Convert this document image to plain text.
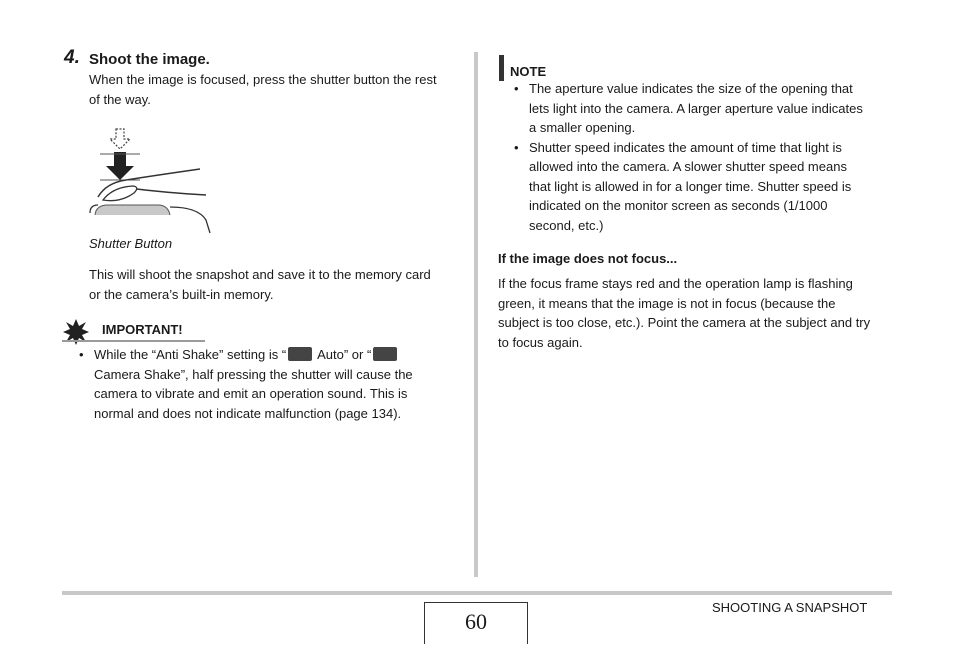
4. Shoot the image.
When the image is focused, press the shutter button the rest
of the way.
Shutter Button
This will shoot the snapshot and save it to the memory card
or the camera’s built-in memory.
IMPORTANT!
• While the “Anti Shake” setting is “ Auto” or “
Camera Shake”, half pressing the shutter will cause the
camera to vibrate and emit an operation sound. This is
normal and does not indicate malfunction (page 134).
NOTE
• The aperture value indicates the size of the opening that
lets light into the camera. A larger aperture value indicates
a smaller opening.
• Shutter speed indicates the amount of time that light is
allowed into the camera. A slower shutter speed means
that light is allowed in for a longer time. Shutter speed is
indicated on the monitor screen as seconds (1/1000
second, etc.)
If the image does not focus...
If the focus frame stays red and the operation lamp is flashing
green, it means that the image is not in focus (because the
subject is too close, etc.). Point the camera at the subject and try
to focus again.
60
SHOOTING A SNAPSHOT
